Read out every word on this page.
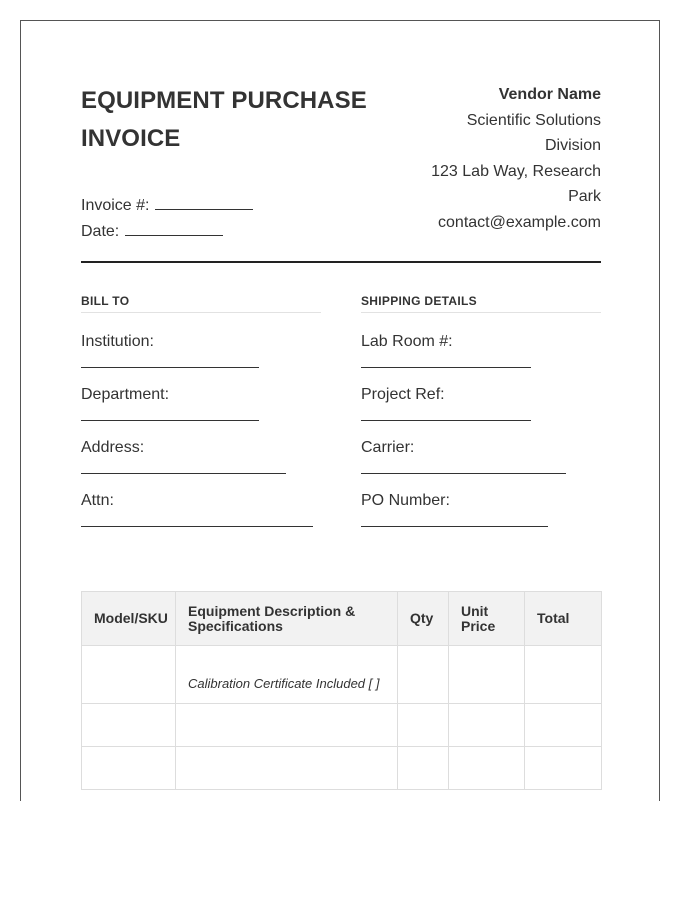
EQUIPMENT PURCHASE INVOICE
Invoice #:
Date:
Vendor Name
Scientific Solutions Division
123 Lab Way, Research Park
contact@example.com
BILL TO
Institution:
Department:
Address:
Attn:
SHIPPING DETAILS
Lab Room #:
Project Ref:
Carrier:
PO Number:
Model/SKU	Equipment Description & Specifications	Qty	Unit Price	Total
	Calibration Certificate Included [ ]			
